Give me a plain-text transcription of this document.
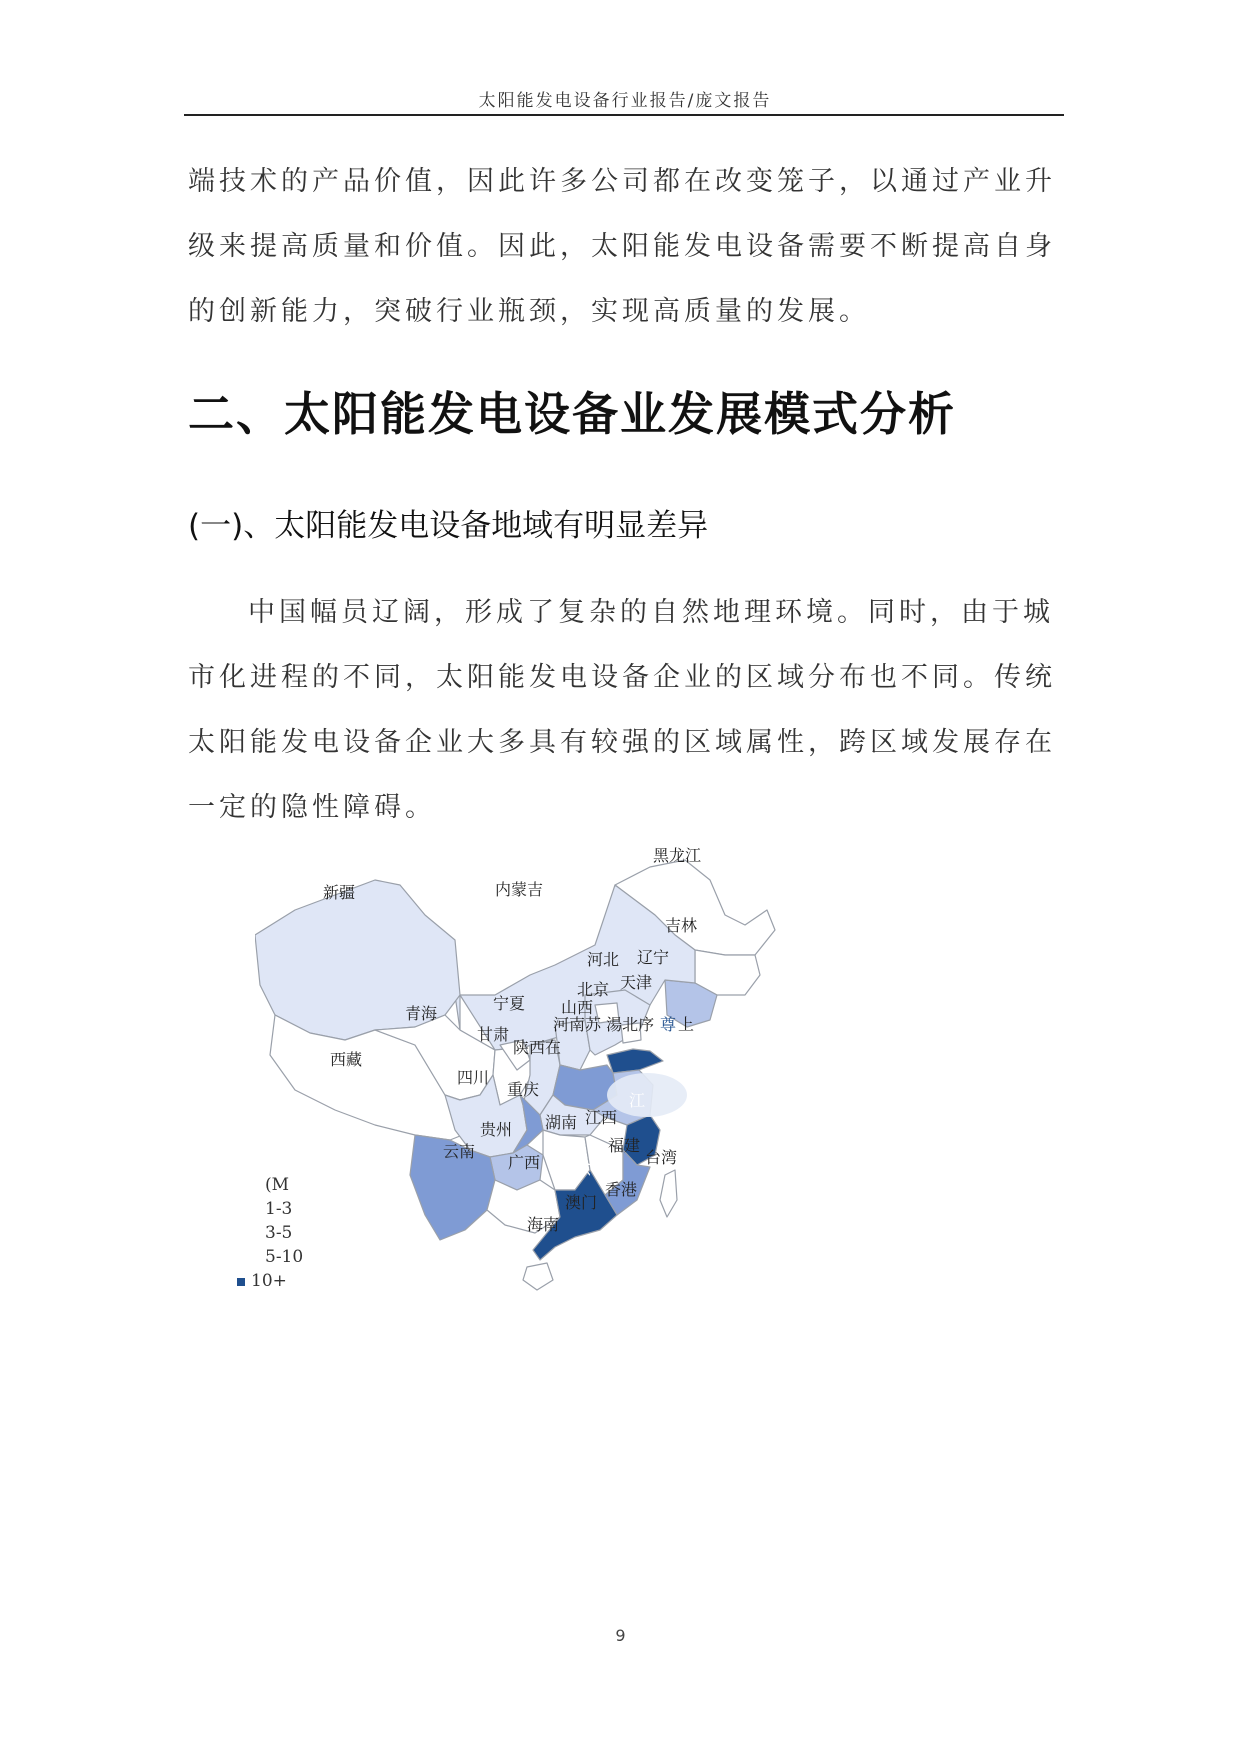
太阳能发电设备行业报告/庞文报告

端技术的产品价值，因此许多公司都在改变笼子，以通过产业升级来提高质量和价值。因此，太阳能发电设备需要不断提高自身的创新能力，突破行业瓶颈，实现高质量的发展。

二、太阳能发电设备业发展模式分析
(一)、太阳能发电设备地域有明显差异

中国幅员辽阔，形成了复杂的自然地理环境。同时，由于城市化进程的不同，太阳能发电设备企业的区域分布也不同。传统太阳能发电设备企业大多具有较强的区域属性，跨区域发展存在一定的隐性障碍。

黑龙江
吉林
辽宁
内蒙吉
新疆
河北
北京 天津
宁夏 山西
青海
甘肃
河南苏 湯北序 尊 上
陕西在
西藏
四川
重庆
江
贵州 湖南 江西
福建
云南
广西 东
台湾
澳门
香港
海南
(M
1-3
3-5
5-10
10+
9
